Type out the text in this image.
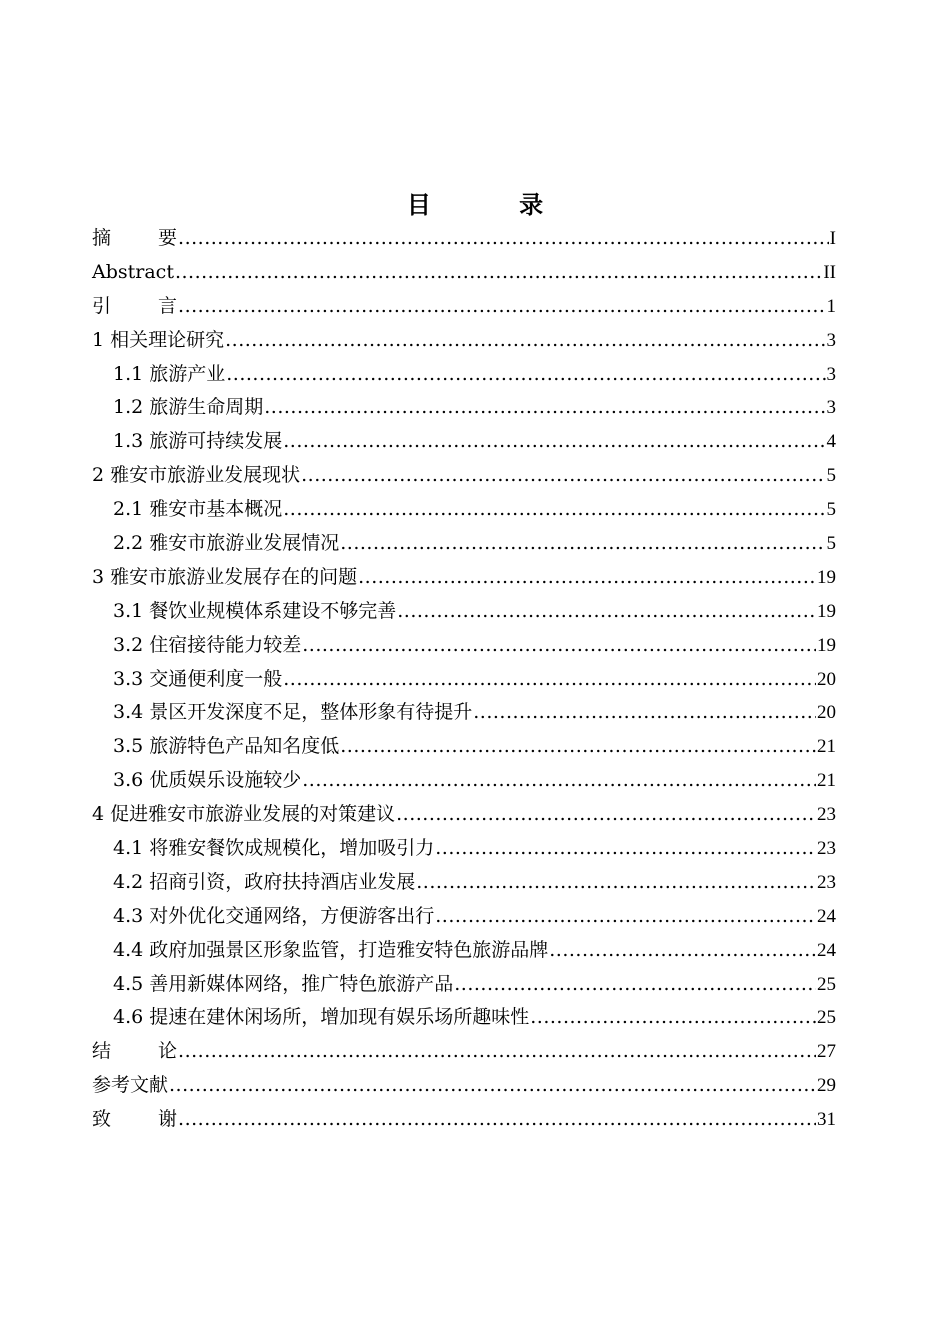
目 录
摘 要 .....	I
Abstract .....	II
引 言 .....	1
1 相关理论研究 .....	3
1.1 旅游产业 .....	3
1.2 旅游生命周期 .....	3
1.3 旅游可持续发展 .....	4
2 雅安市旅游业发展现状 .....	5
2.1 雅安市基本概况 .....	5
2.2 雅安市旅游业发展情况 .....	5
3 雅安市旅游业发展存在的问题 .....	19
3.1 餐饮业规模体系建设不够完善 .....	19
3.2 住宿接待能力较差 .....	19
3.3 交通便利度一般 .....	20
3.4 景区开发深度不足，整体形象有待提升 .....	20
3.5 旅游特色产品知名度低 .....	21
3.6 优质娱乐设施较少 .....	21
4 促进雅安市旅游业发展的对策建议 .....	23
4.1 将雅安餐饮成规模化，增加吸引力 .....	23
4.2 招商引资，政府扶持酒店业发展 .....	23
4.3 对外优化交通网络，方便游客出行 .....	24
4.4 政府加强景区形象监管，打造雅安特色旅游品牌 .....	24
4.5 善用新媒体网络，推广特色旅游产品 .....	25
4.6 提速在建休闲场所，增加现有娱乐场所趣味性 .....	25
结 论 .....	27
参考文献 .....	29
致 谢 .....	31
